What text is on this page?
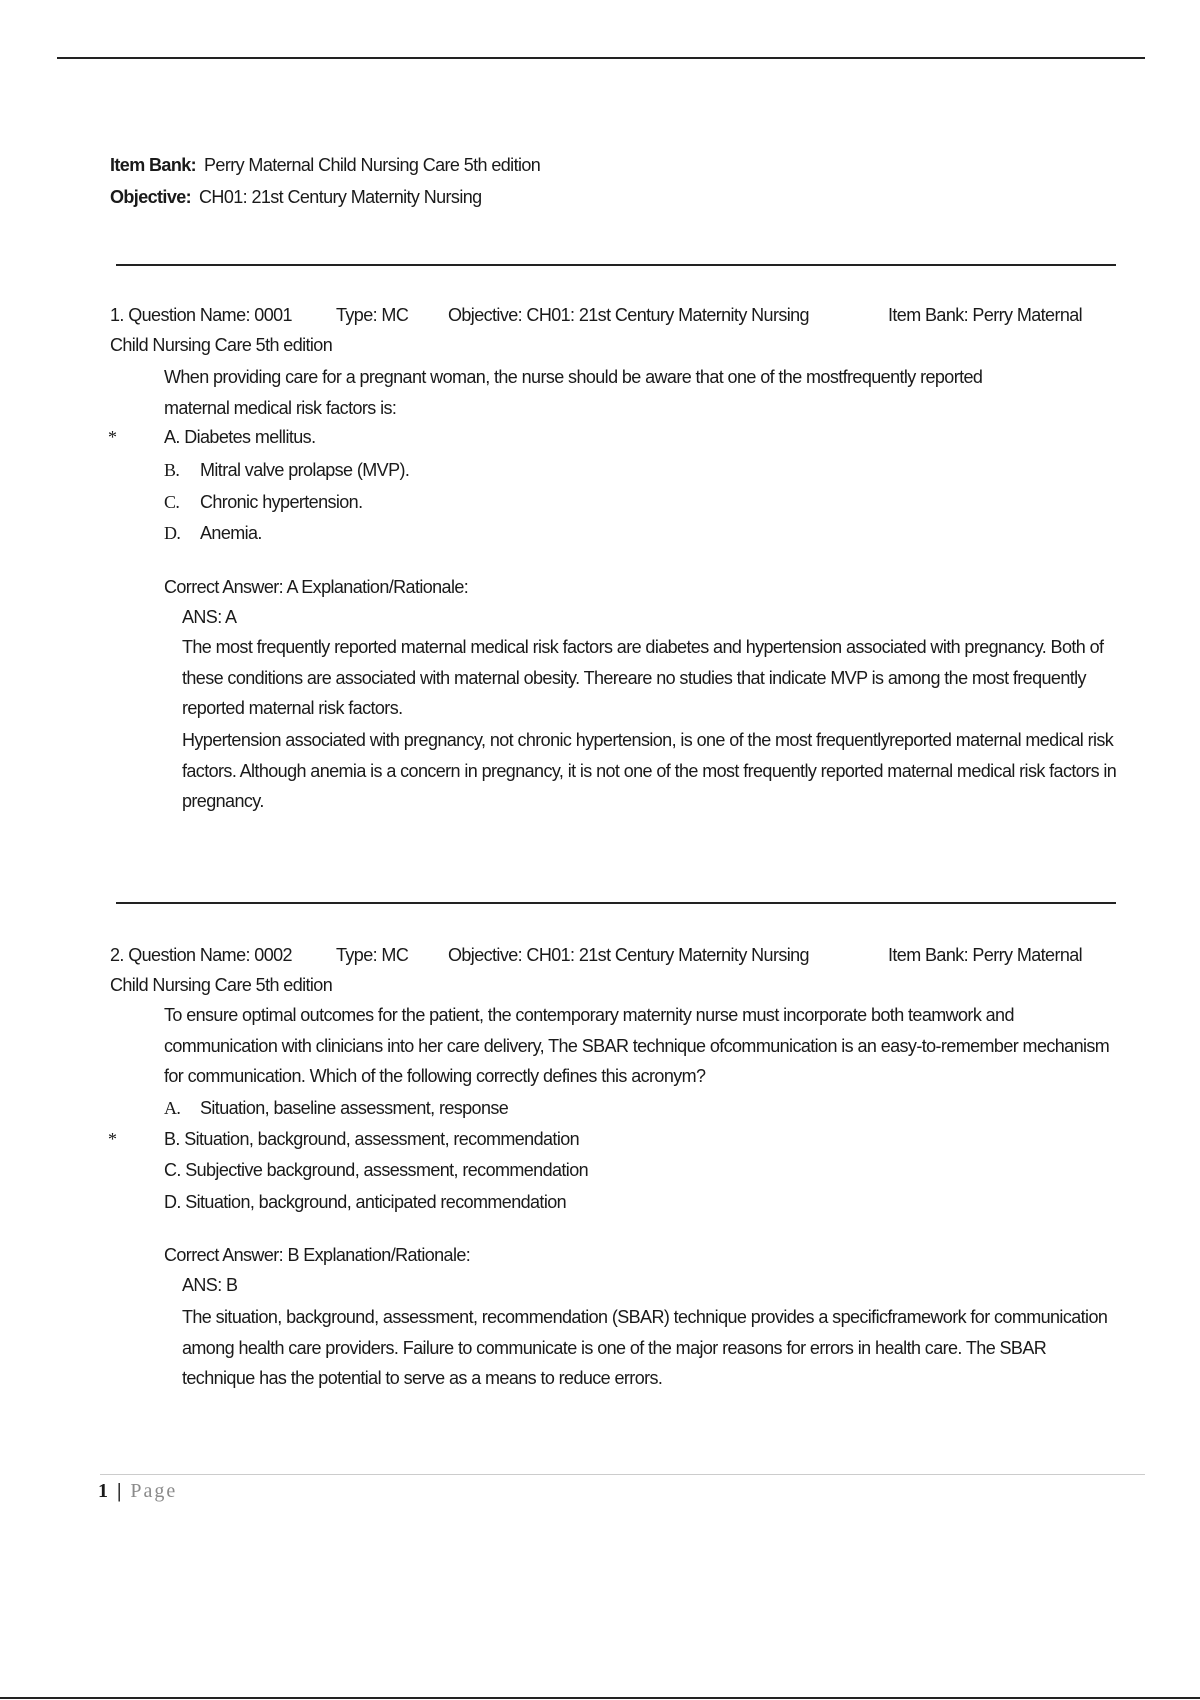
Item Bank: Perry Maternal Child Nursing Care 5th edition
Objective: CH01: 21st Century Maternity Nursing
1. Question Name: 0001 Type: MC Objective: CH01: 21st Century Maternity Nursing	Item Bank: Perry Maternal
Child Nursing Care 5th edition
When providing care for a pregnant woman, the nurse should be aware that one of the mostfrequently reported maternal medical risk factors is:
*	A. Diabetes mellitus.
B. Mitral valve prolapse (MVP).
C. Chronic hypertension.
D. Anemia.
Correct Answer: A Explanation/Rationale:
ANS: A
The most frequently reported maternal medical risk factors are diabetes and hypertension associated with pregnancy. Both of these conditions are associated with maternal obesity. Thereare no studies that indicate MVP is among the most frequently reported maternal risk factors.
Hypertension associated with pregnancy, not chronic hypertension, is one of the most frequentlyreported maternal medical risk factors. Although anemia is a concern in pregnancy, it is not one of the most frequently reported maternal medical risk factors in pregnancy.
2. Question Name: 0002 Type: MC Objective: CH01: 21st Century Maternity Nursing	Item Bank: Perry Maternal
Child Nursing Care 5th edition
To ensure optimal outcomes for the patient, the contemporary maternity nurse must incorporate both teamwork and communication with clinicians into her care delivery, The SBAR technique ofcommunication is an easy-to-remember mechanism for communication. Which of the following correctly defines this acronym?
A. Situation, baseline assessment, response
*	B. Situation, background, assessment, recommendation
C. Subjective background, assessment, recommendation
D. Situation, background, anticipated recommendation
Correct Answer: B Explanation/Rationale:
ANS: B
The situation, background, assessment, recommendation (SBAR) technique provides a specificframework for communication among health care providers. Failure to communicate is one of the major reasons for errors in health care. The SBAR technique has the potential to serve as a means to reduce errors.
1 | Page
